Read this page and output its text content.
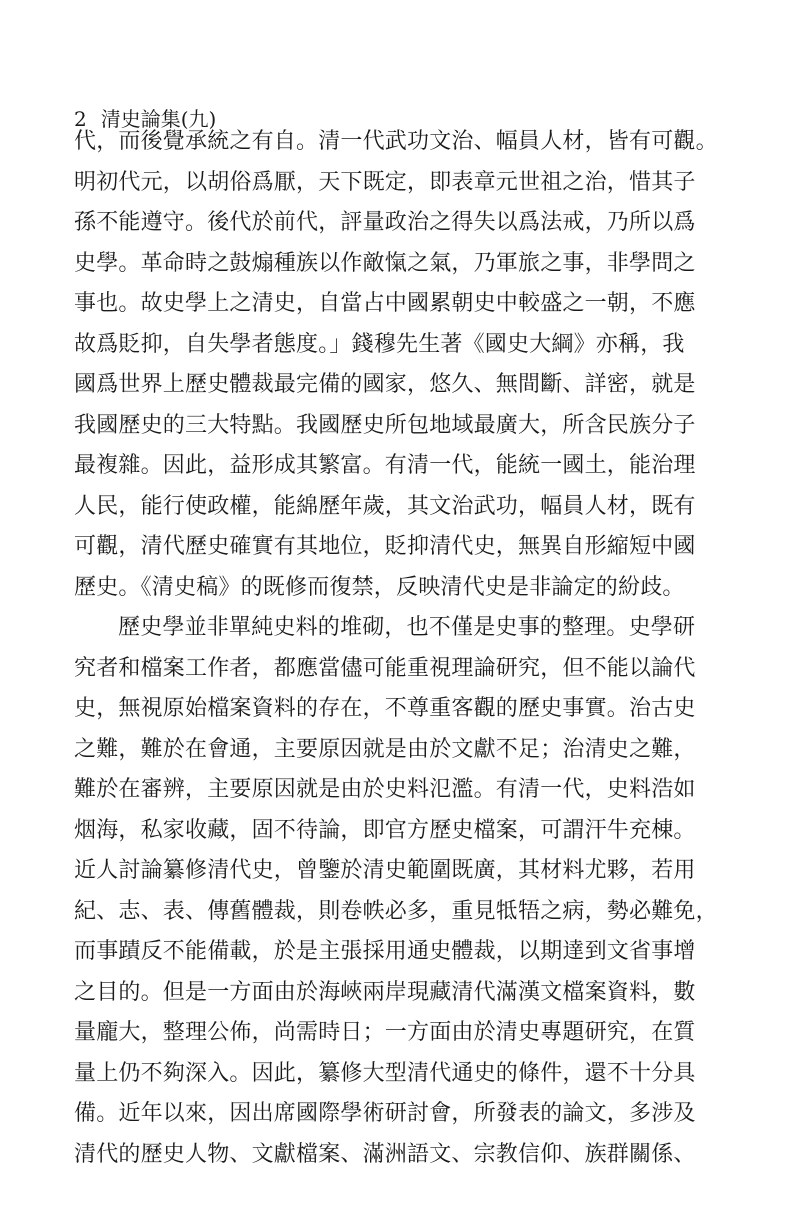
2 清史論集(九)
代，而後覺承統之有自。清一代武功文治、幅員人材，皆有可觀。
明初代元，以胡俗爲厭，天下既定，即表章元世祖之治，惜其子
孫不能遵守。後代於前代，評量政治之得失以爲法戒，乃所以爲
史學。革命時之鼓煽種族以作敵愾之氣，乃軍旅之事，非學問之
事也。故史學上之清史，自當占中國累朝史中較盛之一朝，不應
故爲貶抑，自失學者態度。」錢穆先生著《國史大綱》亦稱，我
國爲世界上歷史體裁最完備的國家，悠久、無間斷、詳密，就是
我國歷史的三大特點。我國歷史所包地域最廣大，所含民族分子
最複雜。因此，益形成其繁富。有清一代，能統一國土，能治理
人民，能行使政權，能綿歷年歲，其文治武功，幅員人材，既有
可觀，清代歷史確實有其地位，貶抑清代史，無異自形縮短中國
歷史。《清史稿》的既修而復禁，反映清代史是非論定的紛歧。
歷史學並非單純史料的堆砌，也不僅是史事的整理。史學研
究者和檔案工作者，都應當儘可能重視理論研究，但不能以論代
史，無視原始檔案資料的存在，不尊重客觀的歷史事實。治古史
之難，難於在會通，主要原因就是由於文獻不足；治清史之難，
難於在審辨，主要原因就是由於史料氾濫。有清一代，史料浩如
烟海，私家收藏，固不待論，即官方歷史檔案，可謂汗牛充棟。
近人討論纂修清代史，曾鑒於清史範圍既廣，其材料尤夥，若用
紀、志、表、傳舊體裁，則卷帙必多，重見牴牾之病，勢必難免，
而事蹟反不能備載，於是主張採用通史體裁，以期達到文省事增
之目的。但是一方面由於海峽兩岸現藏清代滿漢文檔案資料，數
量龐大，整理公佈，尚需時日；一方面由於清史專題研究，在質
量上仍不夠深入。因此，纂修大型清代通史的條件，還不十分具
備。近年以來，因出席國際學術研討會，所發表的論文，多涉及
清代的歷史人物、文獻檔案、滿洲語文、宗教信仰、族群關係、
